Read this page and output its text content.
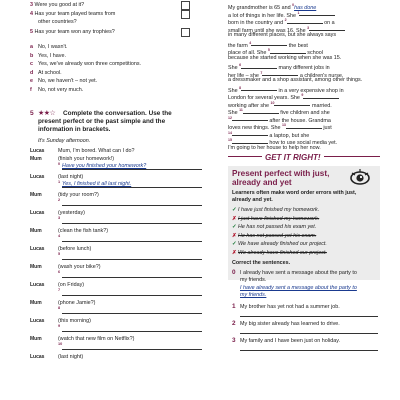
GET IT RIGHT!
Present perfect with just,
already and yet
3 Were you good at it?
4 Has your team played teams from
other countries?
5 Has your team won any trophies?
a No, I wasn't.
b Yes, I have.
c Yes, we've already won three competitions.
d At school.
e No, we haven't – not yet.
f No, not very much.
5 ★★☆ Complete the conversation. Use the
present perfect or the past simple and the
information in brackets.
It's Sunday afternoon.
Lucas	Mum, I'm bored. What can I do?
Mum	(finish your homework!)
0 Have you finished your homework?
Lucas	(last night)
1 Yes, I finished it all last night.
Mum	(tidy your room?)
2
Lucas	(yesterday)
3
Mum	(clean the fish tank?)
4
Lucas	(before lunch)
5
Mum	(wash your bike?)
6
Lucas	(on Friday)
7
Mum	(phone Jamie?)
8
Lucas	(this morning)
9
Mum	(watch that new film on Netflix?)
10
Lucas	(last night)
My grandmother is 65 and $^0$has done
a lot of things in her life. She $^1$
born in the country and $^2$	on a
small farm until she was 16. She $^3$
in many different places, but she always says
the farm $^4$	the best
place of all. She $^5$	school
because she started working when she was 15.
She $^6$	many different jobs in
her life – she $^7$	a children's nurse,
a dressmaker and a shop assistant, among other things.
She $^8$	in a very expensive shop in
London for several years. She $^9$
working after she $^{10}$	married.
She $^{11}$	five children and she
$^{12}$	after the house. Grandma
loves new things. She $^{13}$	just
$^{14}$	a laptop, but she
$^{15}$	how to use social media yet.
I'm going to her house to help her now.
Learners often make word order errors with just,
already and yet.
✓I have just finished my homework.
✗I just have finished my homework.
✓He has not passed his exam yet.
✗He has not passed yet his exam.
✓We have already finished our project.
✗We already have finished our project.
Correct the sentences.
0 I already have sent a message about the party to
my friends.
I have already sent a message about the party to
my friends.
1 My brother has yet not had a summer job.
2 My big sister already has learned to drive.
3 My family and I have been just on holiday.
